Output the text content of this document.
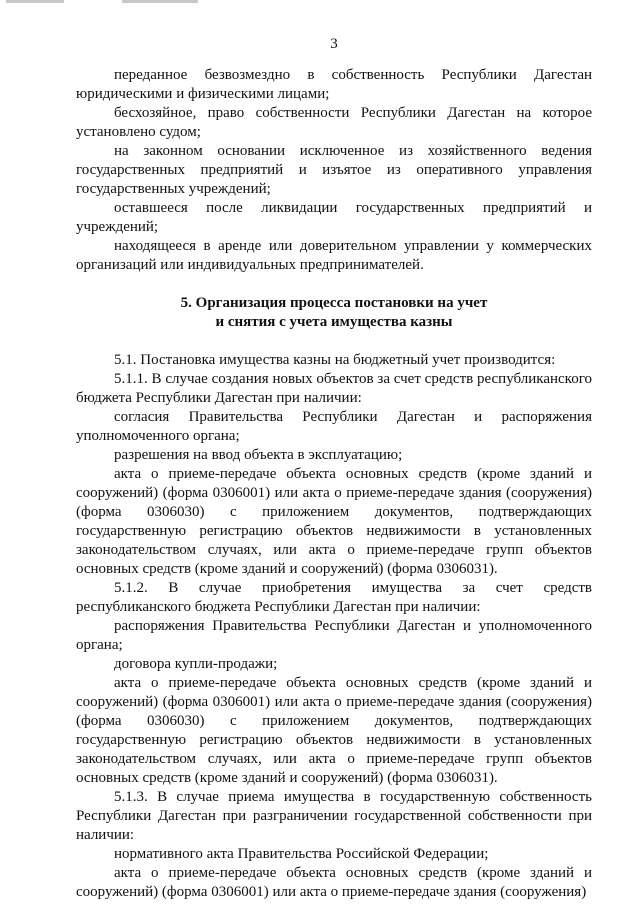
3

переданное безвозмездно в собственность Республики Дагестан юридическими и физическими лицами;

бесхозяйное, право собственности Республики Дагестан на которое установлено судом;

на законном основании исключенное из хозяйственного ведения государственных предприятий и изъятое из оперативного управления государственных учреждений;

оставшееся после ликвидации государственных предприятий и учреждений;

находящееся в аренде или доверительном управлении у коммерческих организаций или индивидуальных предпринимателей.

5. Организация процесса постановки на учет
и снятия с учета имущества казны

5.1. Постановка имущества казны на бюджетный учет производится:

5.1.1. В случае создания новых объектов за счет средств республиканского бюджета Республики Дагестан при наличии:

согласия Правительства Республики Дагестан и распоряжения уполномоченного органа;

разрешения на ввод объекта в эксплуатацию;

акта о приеме-передаче объекта основных средств (кроме зданий и сооружений) (форма 0306001) или акта о приеме-передаче здания (сооружения) (форма 0306030) с приложением документов, подтверждающих государственную регистрацию объектов недвижимости в установленных законодательством случаях, или акта о приеме-передаче групп объектов основных средств (кроме зданий и сооружений) (форма 0306031).

5.1.2. В случае приобретения имущества за счет средств республиканского бюджета Республики Дагестан при наличии:

распоряжения Правительства Республики Дагестан и уполномоченного органа;

договора купли-продажи;

акта о приеме-передаче объекта основных средств (кроме зданий и сооружений) (форма 0306001) или акта о приеме-передаче здания (сооружения) (форма 0306030) с приложением документов, подтверждающих государственную регистрацию объектов недвижимости в установленных законодательством случаях, или акта о приеме-передаче групп объектов основных средств (кроме зданий и сооружений) (форма 0306031).

5.1.3. В случае приема имущества в государственную собственность Республики Дагестан при разграничении государственной собственности при наличии:

нормативного акта Правительства Российской Федерации;

акта о приеме-передаче объекта основных средств (кроме зданий и сооружений) (форма 0306001) или акта о приеме-передаче здания (сооружения)
